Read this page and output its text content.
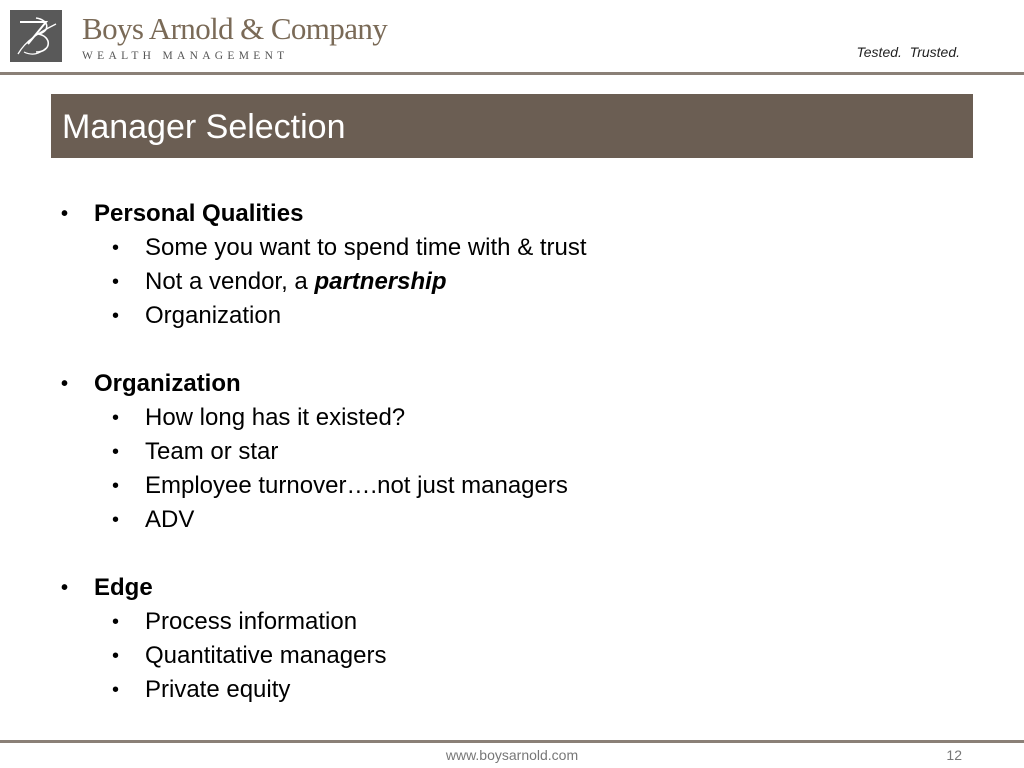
Boys Arnold & Company
WEALTH MANAGEMENT	Tested.  Trusted.
Manager Selection
• Personal Qualities
• Some you want to spend time with & trust
• Not a vendor, a partnership
• Organization
• Organization
• How long has it existed?
• Team or star
• Employee turnover….not just managers
• ADV
• Edge
• Process information
• Quantitative managers
• Private equity
www.boysarnold.com	12
